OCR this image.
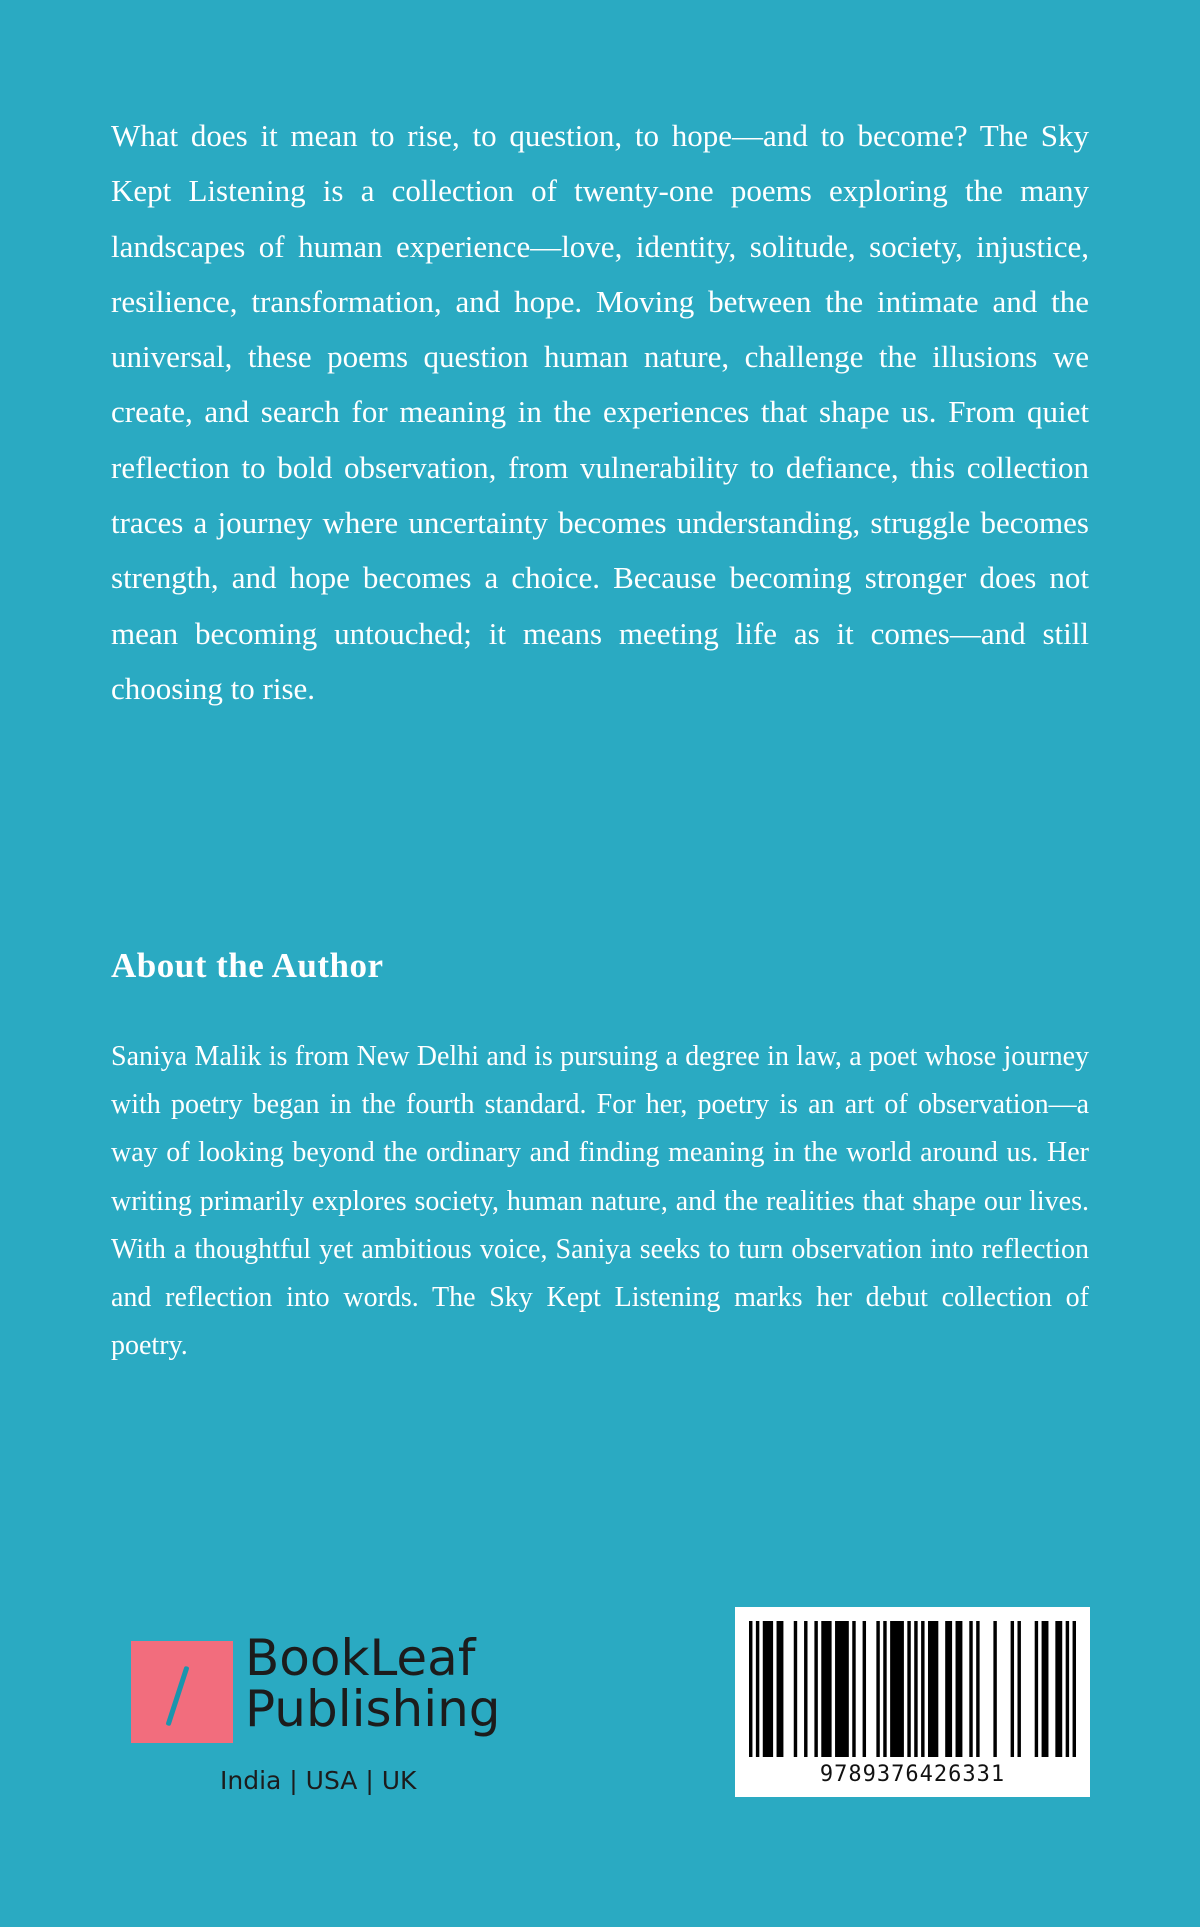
What does it mean to rise, to question, to hope—and to become? The Sky Kept Listening is a collection of twenty-one poems exploring the many landscapes of human experience—love, identity, solitude, society, injustice, resilience, transformation, and hope. Moving between the intimate and the universal, these poems question human nature, challenge the illusions we create, and search for meaning in the experiences that shape us. From quiet reflection to bold observation, from vulnerability to defiance, this collection traces a journey where uncertainty becomes understanding, struggle becomes strength, and hope becomes a choice. Because becoming stronger does not mean becoming untouched; it means meeting life as it comes—and still choosing to rise.

About the Author

Saniya Malik is from New Delhi and is pursuing a degree in law, a poet whose journey with poetry began in the fourth standard. For her, poetry is an art of observation—a way of looking beyond the ordinary and finding meaning in the world around us. Her writing primarily explores society, human nature, and the realities that shape our lives. With a thoughtful yet ambitious voice, Saniya seeks to turn observation into reflection and reflection into words. The Sky Kept Listening marks her debut collection of poetry.

BookLeaf
Publishing
India | USA | UK	9789376426331
